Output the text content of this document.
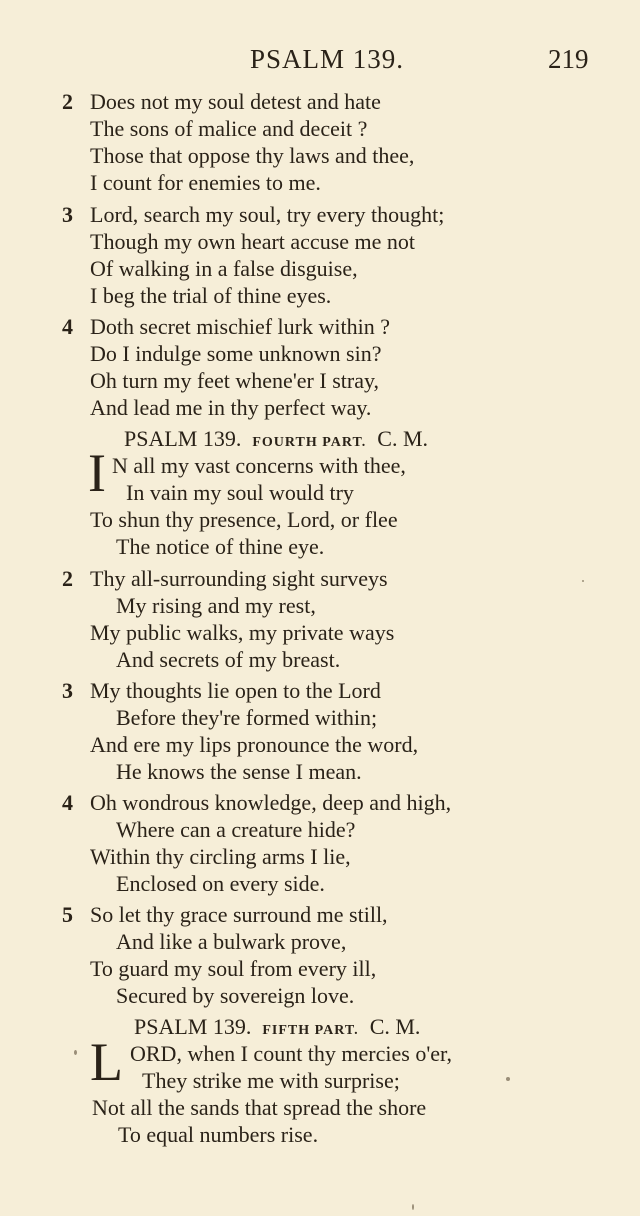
PSALM 139.	219
2 Does not my soul detest and hate
The sons of malice and deceit ?
Those that oppose thy laws and thee,
I count for enemies to me.
3 Lord, search my soul, try every thought;
Though my own heart accuse me not
Of walking in a false disguise,
I beg the trial of thine eyes.
4 Doth secret mischief lurk within ?
Do I indulge some unknown sin?
Oh turn my feet whene'er I stray,
And lead me in thy perfect way.
PSALM 139. FOURTH PART. C. M.
I N all my vast concerns with thee,
In vain my soul would try
To shun thy presence, Lord, or flee
The notice of thine eye.
2 Thy all-surrounding sight surveys
My rising and my rest,
My public walks, my private ways
And secrets of my breast.
3 My thoughts lie open to the Lord
Before they're formed within;
And ere my lips pronounce the word,
He knows the sense I mean.
4 Oh wondrous knowledge, deep and high,
Where can a creature hide?
Within thy circling arms I lie,
Enclosed on every side.
5 So let thy grace surround me still,
And like a bulwark prove,
To guard my soul from every ill,
Secured by sovereign love.
PSALM 139. FIFTH PART. C. M.
L ORD, when I count thy mercies o'er,
They strike me with surprise;
Not all the sands that spread the shore
To equal numbers rise.
